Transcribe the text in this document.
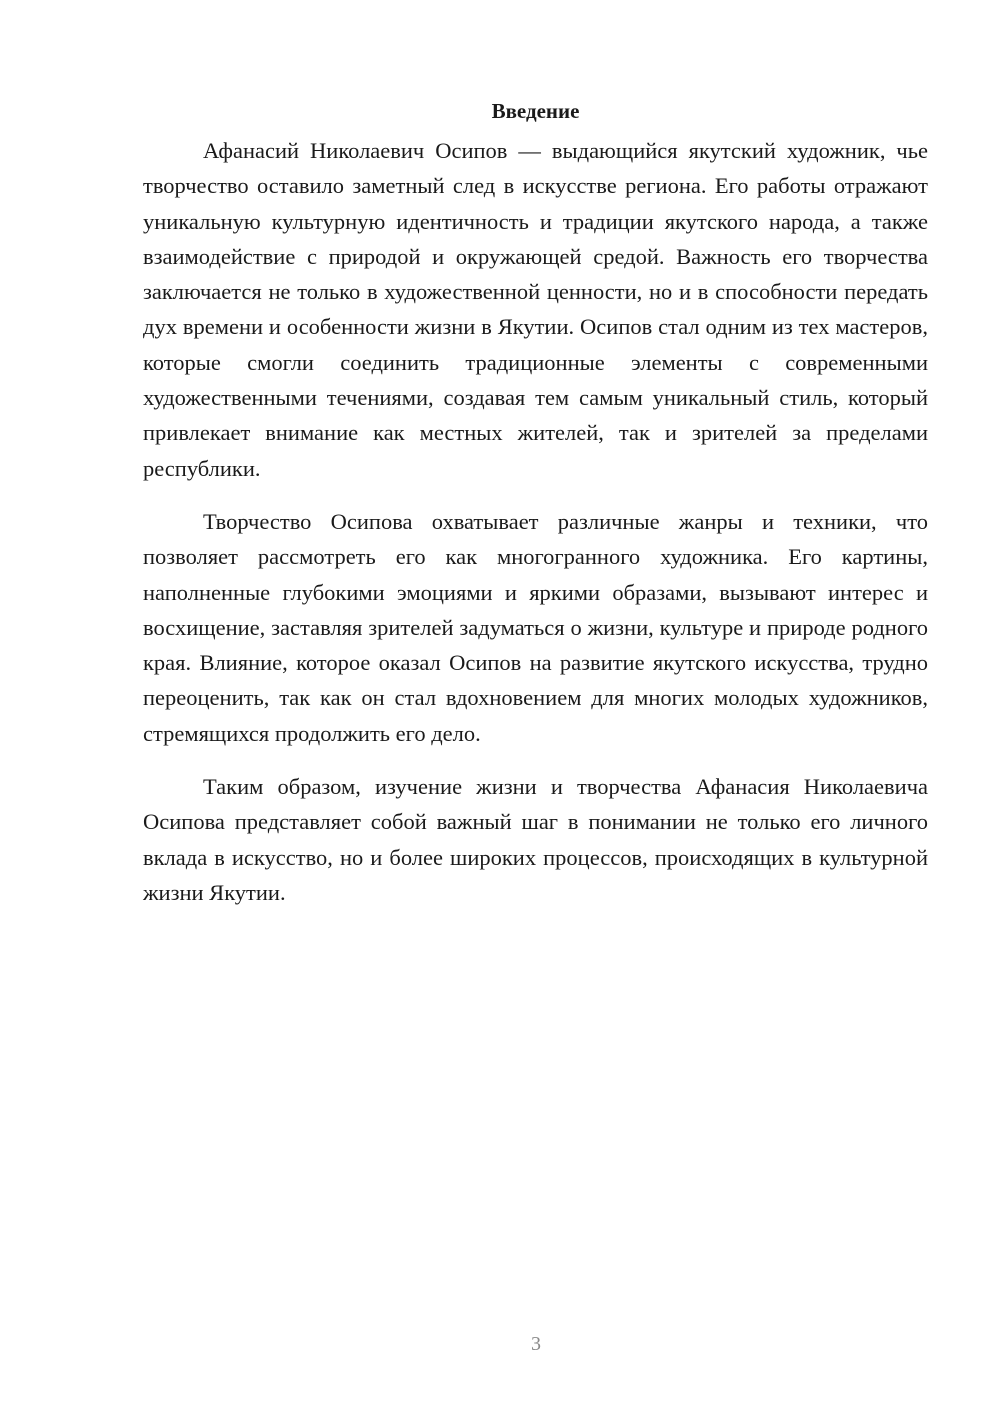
Введение

Афанасий Николаевич Осипов — выдающийся якутский художник, чье творчество оставило заметный след в искусстве региона. Его работы отражают уникальную культурную идентичность и традиции якутского народа, а также взаимодействие с природой и окружающей средой. Важность его творчества заключается не только в художественной ценности, но и в способности передать дух времени и особенности жизни в Якутии. Осипов стал одним из тех мастеров, которые смогли соединить традиционные элементы с современными художественными течениями, создавая тем самым уникальный стиль, который привлекает внимание как местных жителей, так и зрителей за пределами республики.

Творчество Осипова охватывает различные жанры и техники, что позволяет рассмотреть его как многогранного художника. Его картины, наполненные глубокими эмоциями и яркими образами, вызывают интерес и восхищение, заставляя зрителей задуматься о жизни, культуре и природе родного края. Влияние, которое оказал Осипов на развитие якутского искусства, трудно переоценить, так как он стал вдохновением для многих молодых художников, стремящихся продолжить его дело.

Таким образом, изучение жизни и творчества Афанасия Николаевича Осипова представляет собой важный шаг в понимании не только его личного вклада в искусство, но и более широких процессов, происходящих в культурной жизни Якутии.

3
